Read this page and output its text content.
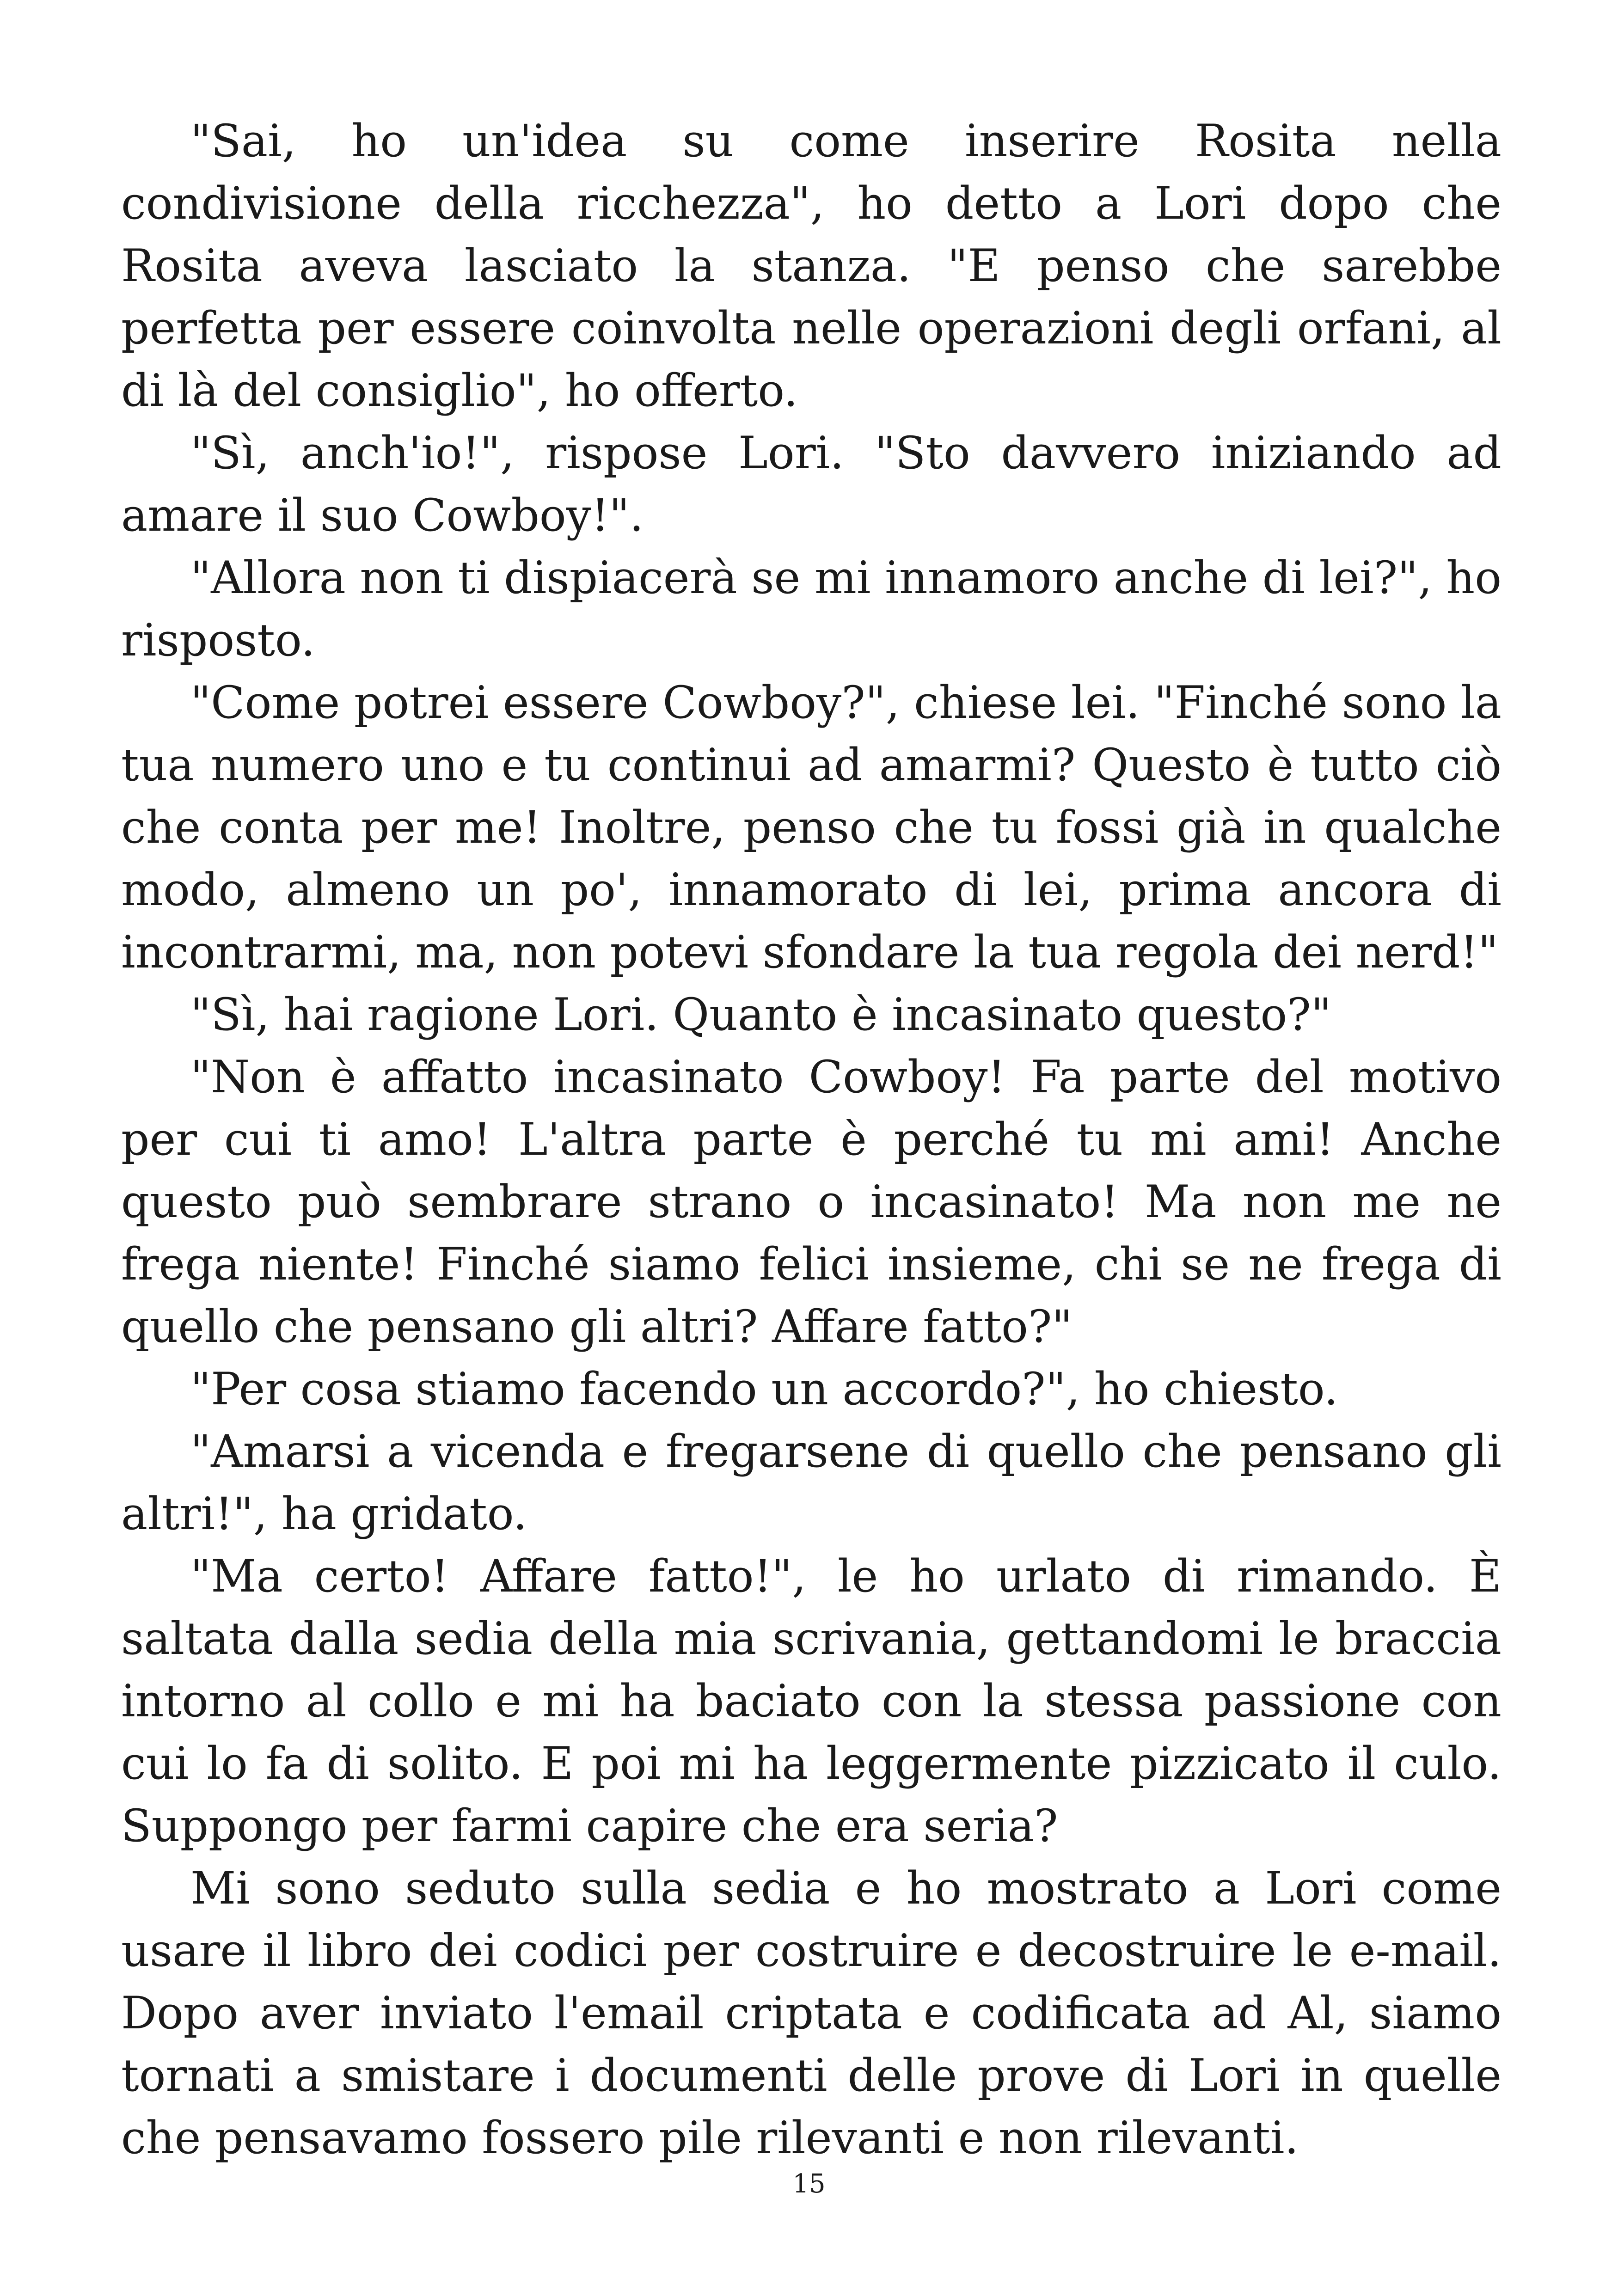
"Sai, ho un'idea su come inserire Rosita nella condivisione della ricchezza", ho detto a Lori dopo che Rosita aveva lasciato la stanza. "E penso che sarebbe perfetta per essere coinvolta nelle operazioni degli orfani, al di là del consiglio", ho offerto.

"Sì, anch'io!", rispose Lori. "Sto davvero iniziando ad amare il suo Cowboy!".

"Allora non ti dispiacerà se mi innamoro anche di lei?", ho risposto.

"Come potrei essere Cowboy?", chiese lei. "Finché sono la tua numero uno e tu continui ad amarmi? Questo è tutto ciò che conta per me! Inoltre, penso che tu fossi già in qualche modo, almeno un po', innamorato di lei, prima ancora di incontrarmi, ma, non potevi sfondare la tua regola dei nerd!"

"Sì, hai ragione Lori. Quanto è incasinato questo?"

"Non è affatto incasinato Cowboy! Fa parte del motivo per cui ti amo! L'altra parte è perché tu mi ami! Anche questo può sembrare strano o incasinato! Ma non me ne frega niente! Finché siamo felici insieme, chi se ne frega di quello che pensano gli altri? Affare fatto?"

"Per cosa stiamo facendo un accordo?", ho chiesto.

"Amarsi a vicenda e fregarsene di quello che pensano gli altri!", ha gridato.

"Ma certo! Affare fatto!", le ho urlato di rimando. È saltata dalla sedia della mia scrivania, gettandomi le braccia intorno al collo e mi ha baciato con la stessa passione con cui lo fa di solito. E poi mi ha leggermente pizzicato il culo. Suppongo per farmi capire che era seria?

Mi sono seduto sulla sedia e ho mostrato a Lori come usare il libro dei codici per costruire e decostruire le e-mail. Dopo aver inviato l'email criptata e codificata ad Al, siamo tornati a smistare i documenti delle prove di Lori in quelle che pensavamo fossero pile rilevanti e non rilevanti.

15
